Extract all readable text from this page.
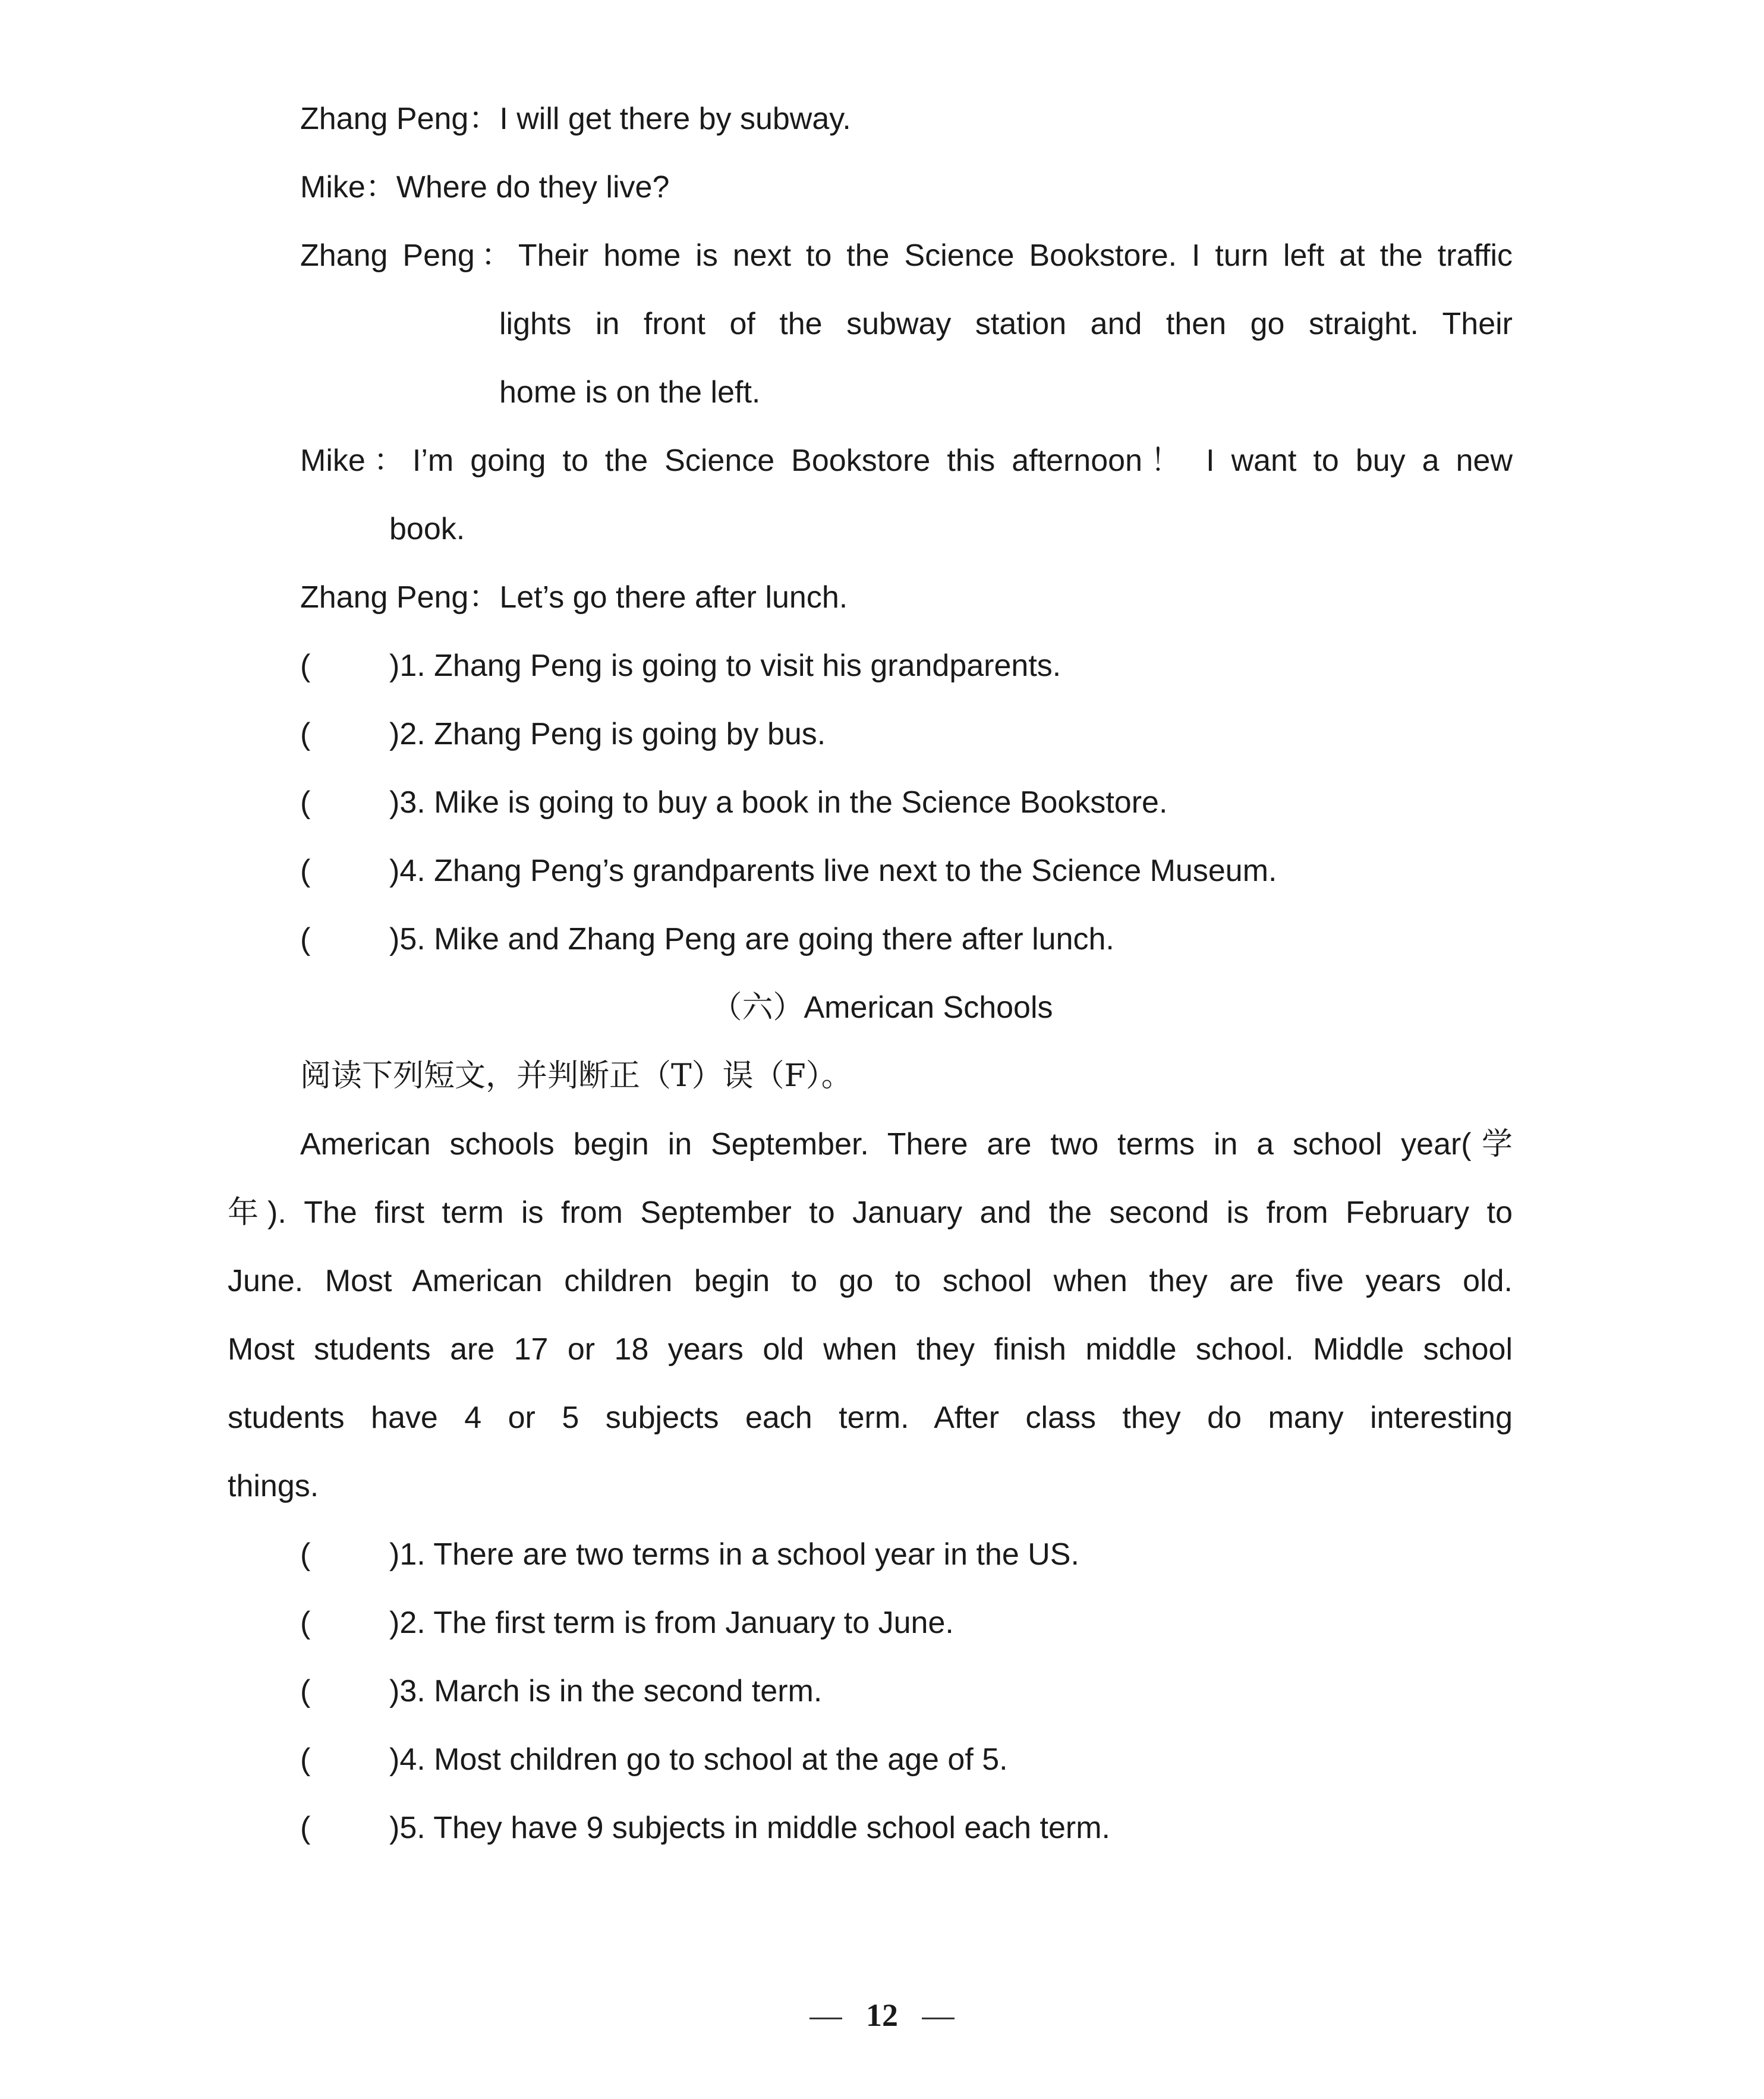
Zhang Peng：I will get there by subway.
Mike：Where do they live?
Zhang Peng：Their home is next to the Science Bookstore. I turn left at the traffic
lights in front of the subway station and then go straight. Their
home is on the left.
Mike：I’m going to the Science Bookstore this afternoon！ I want to buy a new
book.
Zhang Peng：Let’s go there after lunch.
(	)1. Zhang Peng is going to visit his grandparents.
(	)2. Zhang Peng is going by bus.
(	)3. Mike is going to buy a book in the Science Bookstore.
(	)4. Zhang Peng’s grandparents live next to the Science Museum.
(	)5. Mike and Zhang Peng are going there after lunch.
（六）American Schools
阅读下列短文，并判断正（T）误（F）。
American schools begin in September. There are two terms in a school year(学
年). The first term is from September to January and the second is from February to
June. Most American children begin to go to school when they are five years old.
Most students are 17 or 18 years old when they finish middle school. Middle school
students have 4 or 5 subjects each term. After class they do many interesting
things.
(	)1. There are two terms in a school year in the US.
(	)2. The first term is from January to June.
(	)3. March is in the second term.
(	)4. Most children go to school at the age of 5.
(	)5. They have 9 subjects in middle school each term.
12
